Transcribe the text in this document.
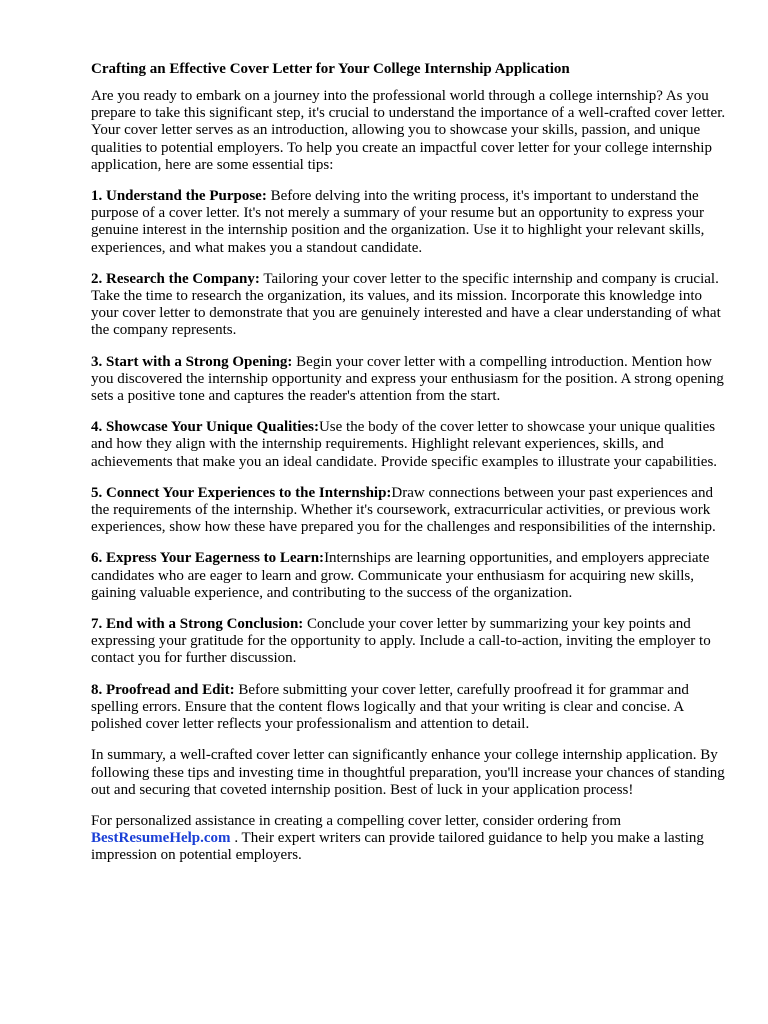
Crafting an Effective Cover Letter for Your College Internship Application

Are you ready to embark on a journey into the professional world through a college internship? As you prepare to take this significant step, it's crucial to understand the importance of a well-crafted cover letter. Your cover letter serves as an introduction, allowing you to showcase your skills, passion, and unique qualities to potential employers. To help you create an impactful cover letter for your college internship application, here are some essential tips:

1. Understand the Purpose: Before delving into the writing process, it's important to understand the purpose of a cover letter. It's not merely a summary of your resume but an opportunity to express your genuine interest in the internship position and the organization. Use it to highlight your relevant skills, experiences, and what makes you a standout candidate.

2. Research the Company: Tailoring your cover letter to the specific internship and company is crucial. Take the time to research the organization, its values, and its mission. Incorporate this knowledge into your cover letter to demonstrate that you are genuinely interested and have a clear understanding of what the company represents.

3. Start with a Strong Opening: Begin your cover letter with a compelling introduction. Mention how you discovered the internship opportunity and express your enthusiasm for the position. A strong opening sets a positive tone and captures the reader's attention from the start.

4. Showcase Your Unique Qualities:Use the body of the cover letter to showcase your unique qualities and how they align with the internship requirements. Highlight relevant experiences, skills, and achievements that make you an ideal candidate. Provide specific examples to illustrate your capabilities.

5. Connect Your Experiences to the Internship:Draw connections between your past experiences and the requirements of the internship. Whether it's coursework, extracurricular activities, or previous work experiences, show how these have prepared you for the challenges and responsibilities of the internship.

6. Express Your Eagerness to Learn:Internships are learning opportunities, and employers appreciate candidates who are eager to learn and grow. Communicate your enthusiasm for acquiring new skills, gaining valuable experience, and contributing to the success of the organization.

7. End with a Strong Conclusion: Conclude your cover letter by summarizing your key points and expressing your gratitude for the opportunity to apply. Include a call-to-action, inviting the employer to contact you for further discussion.

8. Proofread and Edit: Before submitting your cover letter, carefully proofread it for grammar and spelling errors. Ensure that the content flows logically and that your writing is clear and concise. A polished cover letter reflects your professionalism and attention to detail.

In summary, a well-crafted cover letter can significantly enhance your college internship application. By following these tips and investing time in thoughtful preparation, you'll increase your chances of standing out and securing that coveted internship position. Best of luck in your application process!

For personalized assistance in creating a compelling cover letter, consider ordering from BestResumeHelp.com . Their expert writers can provide tailored guidance to help you make a lasting impression on potential employers.
